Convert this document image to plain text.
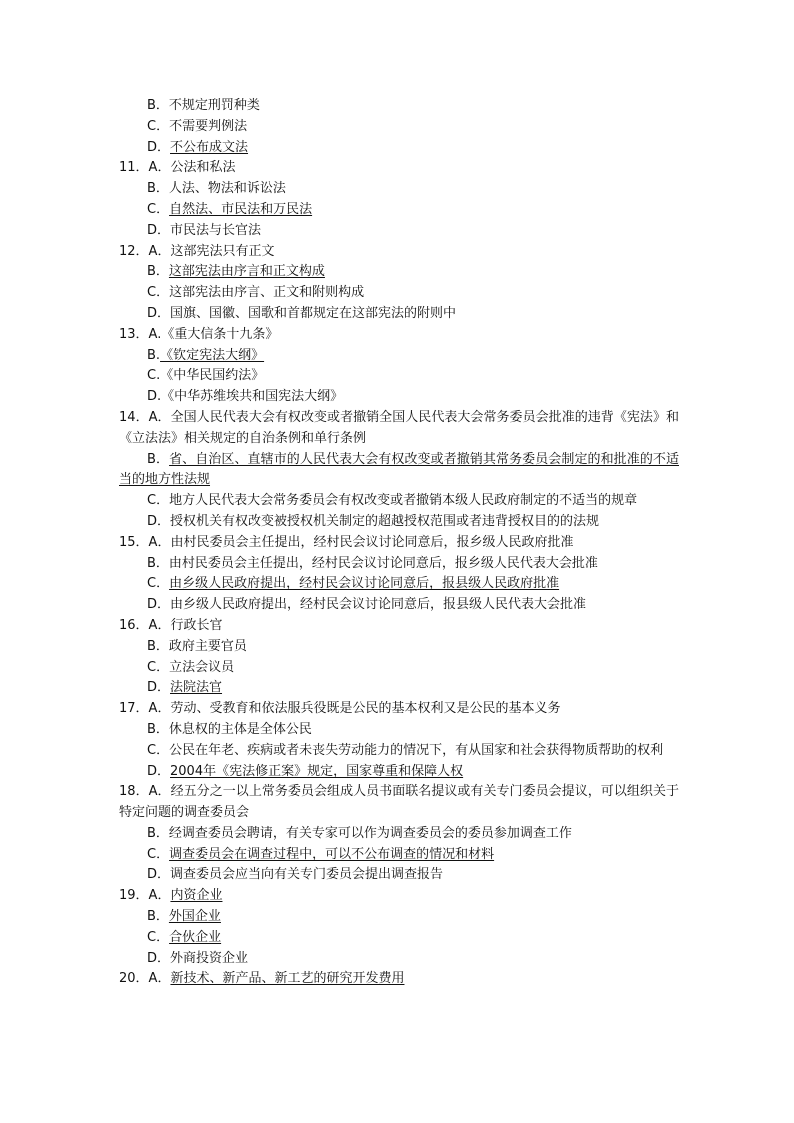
B．不规定刑罚种类
C．不需要判例法
D．不公布成文法
11．A．公法和私法
B．人法、物法和诉讼法
C．自然法、市民法和万民法
D．市民法与长官法
12．A．这部宪法只有正文
B．这部宪法由序言和正文构成
C．这部宪法由序言、正文和附则构成
D．国旗、国徽、国歌和首都规定在这部宪法的附则中
13．A.《重大信条十九条》
B.《钦定宪法大纲》
C.《中华民国约法》
D.《中华苏维埃共和国宪法大纲》
14．A．全国人民代表大会有权改变或者撤销全国人民代表大会常务委员会批准的违背《宪法》和《立法法》相关规定的自治条例和单行条例
B．省、自治区、直辖市的人民代表大会有权改变或者撤销其常务委员会制定的和批准的不适当的地方性法规
C．地方人民代表大会常务委员会有权改变或者撤销本级人民政府制定的不适当的规章
D．授权机关有权改变被授权机关制定的超越授权范围或者违背授权目的的法规
15．A．由村民委员会主任提出，经村民会议讨论同意后，报乡级人民政府批准
B．由村民委员会主任提出，经村民会议讨论同意后，报乡级人民代表大会批准
C．由乡级人民政府提出，经村民会议讨论同意后，报县级人民政府批准
D．由乡级人民政府提出，经村民会议讨论同意后，报县级人民代表大会批准
16．A．行政长官
B．政府主要官员
C．立法会议员
D．法院法官
17．A．劳动、受教育和依法服兵役既是公民的基本权利又是公民的基本义务
B．休息权的主体是全体公民
C．公民在年老、疾病或者未丧失劳动能力的情况下，有从国家和社会获得物质帮助的权利
D．2004年《宪法修正案》规定，国家尊重和保障人权
18．A．经五分之一以上常务委员会组成人员书面联名提议或有关专门委员会提议，可以组织关于特定问题的调查委员会
B．经调查委员会聘请，有关专家可以作为调查委员会的委员参加调查工作
C．调查委员会在调查过程中，可以不公布调查的情况和材料
D．调查委员会应当向有关专门委员会提出调查报告
19．A．内资企业
B．外国企业
C．合伙企业
D．外商投资企业
20．A．新技术、新产品、新工艺的研究开发费用
